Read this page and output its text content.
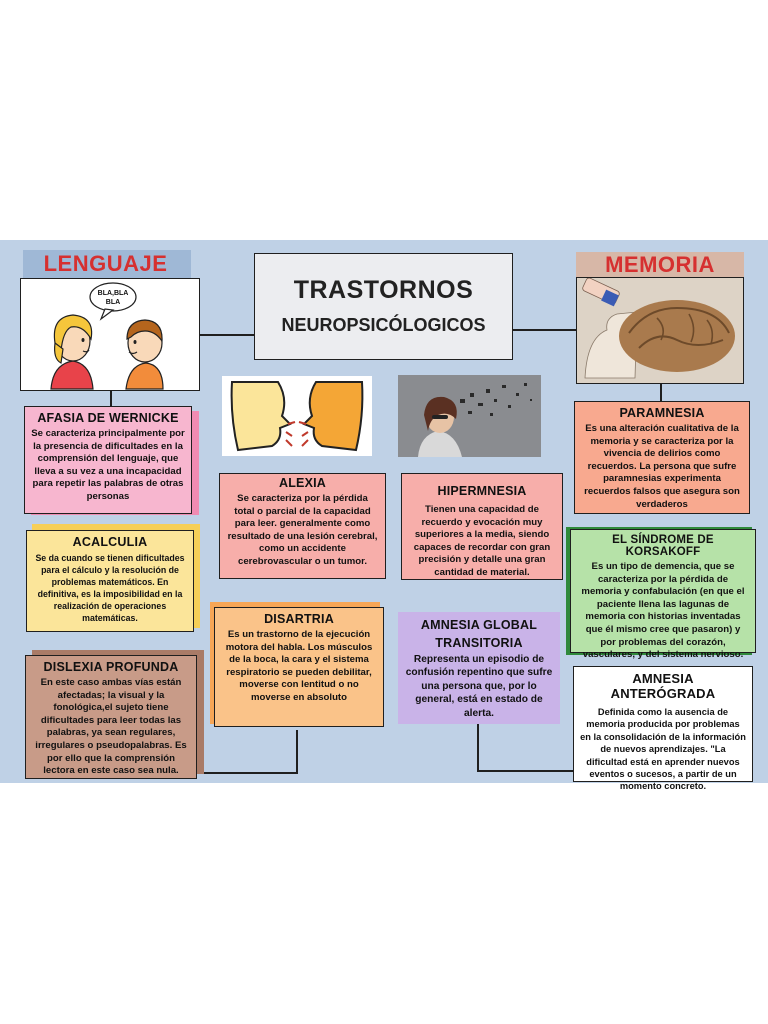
LENGUAJE	MEMORIA
BLA,BLA
BLA	TRASTORNOS
NEUROPSICÓLOGICOS
AFASIA DE WERNICKE

Se caracteriza principalmente por la presencia de dificultades en la comprensión del lenguaje, que lleva a su vez a una incapacidad para repetir las palabras de otras personas

ACALCULIA

Se da cuando se tienen dificultades para el cálculo y la resolución de problemas matemáticos. En definitiva, es la imposibilidad en la realización de operaciones matemáticas.

DISLEXIA PROFUNDA

En este caso ambas vías están afectadas; la visual y la fonológica,el sujeto tiene dificultades para leer todas las palabras, ya sean regulares, irregulares o pseudopalabras. Es por ello que la comprensión lectora en este caso sea nula.

ALEXIA

Se caracteriza por la pérdida total o parcial de la capacidad para leer. generalmente como resultado de una lesión cerebral, como un accidente cerebrovascular o un tumor.

DISARTRIA

Es un trastorno de la ejecución motora del habla. Los músculos de la boca, la cara y el sistema respiratorio se pueden debilitar, moverse con lentitud o no moverse en absoluto

HIPERMNESIA

Tienen una capacidad de recuerdo y evocación muy superiores a la media, siendo capaces de recordar con gran precisión y detalle una gran cantidad de material.

AMNESIA GLOBAL TRANSITORIA

Representa un episodio de confusión repentino que sufre una persona que, por lo general, está en estado de alerta.

PARAMNESIA

Es una alteración cualitativa de la memoria y se caracteriza por la vivencia de delirios como recuerdos. La persona que sufre paramnesias experimenta recuerdos falsos que asegura son verdaderos

EL SÍNDROME DE KORSAKOFF

Es un tipo de demencia, que se caracteriza por la pérdida de memoria y confabulación (en que el paciente llena las lagunas de memoria con historias inventadas que él mismo cree que pasaron) y por problemas del corazón, vasculares, y del sistema nervioso.

AMNESIA ANTERÓGRADA

Definida como la ausencia de memoria producida por problemas en la consolidación de la información de nuevos aprendizajes. "La dificultad está en aprender nuevos eventos o sucesos, a partir de un momento concreto.
